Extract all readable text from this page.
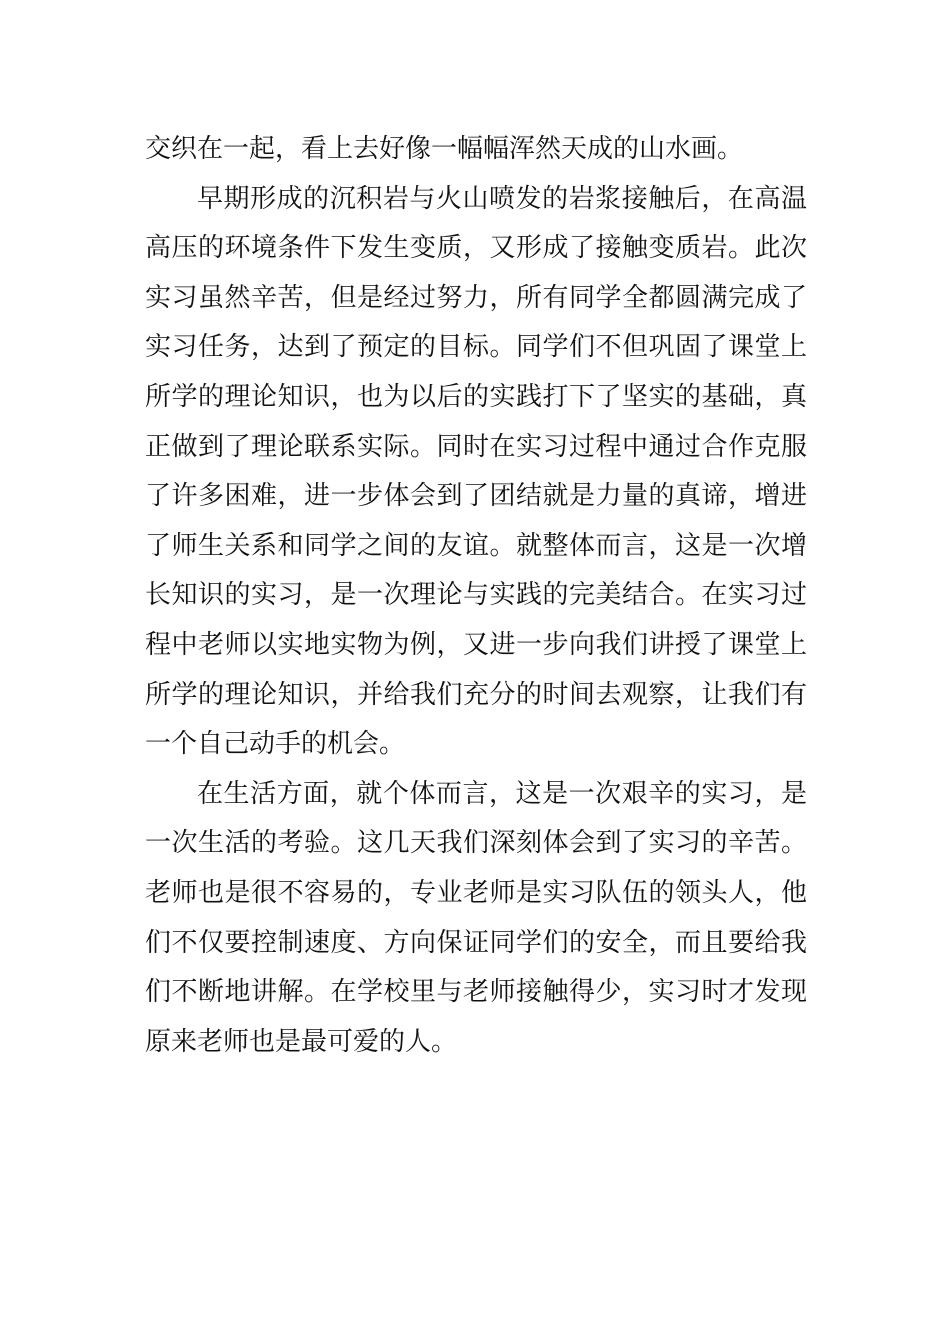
交织在一起，看上去好像一幅幅浑然天成的山水画。
早期形成的沉积岩与火山喷发的岩浆接触后，在高温
高压的环境条件下发生变质，又形成了接触变质岩。此次
实习虽然辛苦，但是经过努力，所有同学全都圆满完成了
实习任务，达到了预定的目标。同学们不但巩固了课堂上
所学的理论知识，也为以后的实践打下了坚实的基础，真
正做到了理论联系实际。同时在实习过程中通过合作克服
了许多困难，进一步体会到了团结就是力量的真谛，增进
了师生关系和同学之间的友谊。就整体而言，这是一次增
长知识的实习，是一次理论与实践的完美结合。在实习过
程中老师以实地实物为例，又进一步向我们讲授了课堂上
所学的理论知识，并给我们充分的时间去观察，让我们有
一个自己动手的机会。
在生活方面，就个体而言，这是一次艰辛的实习，是
一次生活的考验。这几天我们深刻体会到了实习的辛苦。
老师也是很不容易的，专业老师是实习队伍的领头人，他
们不仅要控制速度、方向保证同学们的安全，而且要给我
们不断地讲解。在学校里与老师接触得少，实习时才发现
原来老师也是最可爱的人。
